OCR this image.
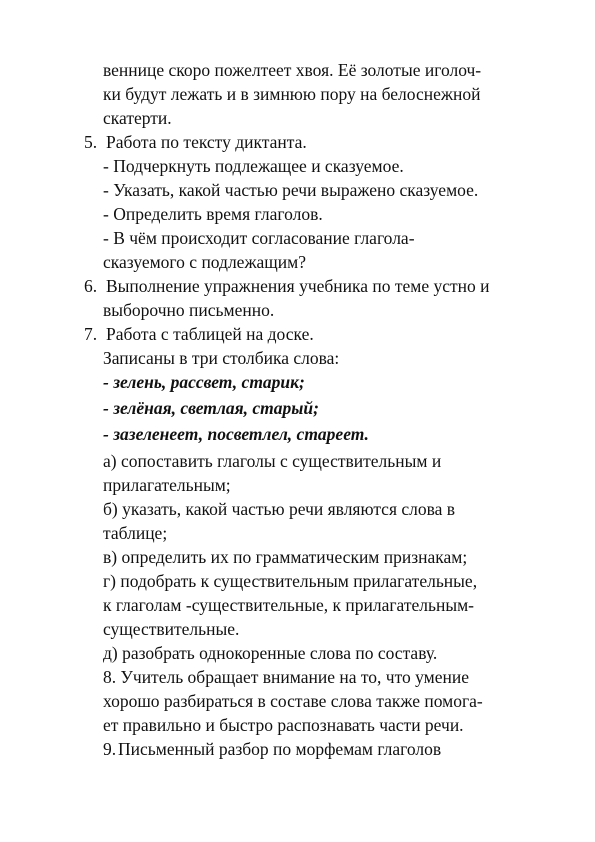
веннице скоро пожелтеет хвоя. Её золотые иголоч-
ки будут лежать и в зимнюю пору на белоснежной
скатерти.
5. Работа по тексту диктанта.
- Подчеркнуть подлежащее и сказуемое.
- Указать, какой частью речи выражено сказуемое.
- Определить время глаголов.
- В чём происходит согласование глагола-
сказуемого с подлежащим?
6. Выполнение упражнения учебника по теме устно и
выборочно письменно.
7. Работа с таблицей на доске.
Записаны в три столбика слова:
- зелень, рассвет, старик;
- зелёная, светлая, старый;
- зазеленеет, посветлел, стареет.
а) сопоставить глаголы с существительным и
прилагательным;
б) указать, какой частью речи являются слова в
таблице;
в) определить их по грамматическим признакам;
г) подобрать к существительным прилагательные,
к глаголам -существительные, к прилагательным-
существительные.
д) разобрать однокоренные слова по составу.
8. Учитель обращает внимание на то, что умение
хорошо разбираться в составе слова также помога-
ет правильно и быстро распознавать части речи.
9. Письменный разбор по морфемам глаголов
